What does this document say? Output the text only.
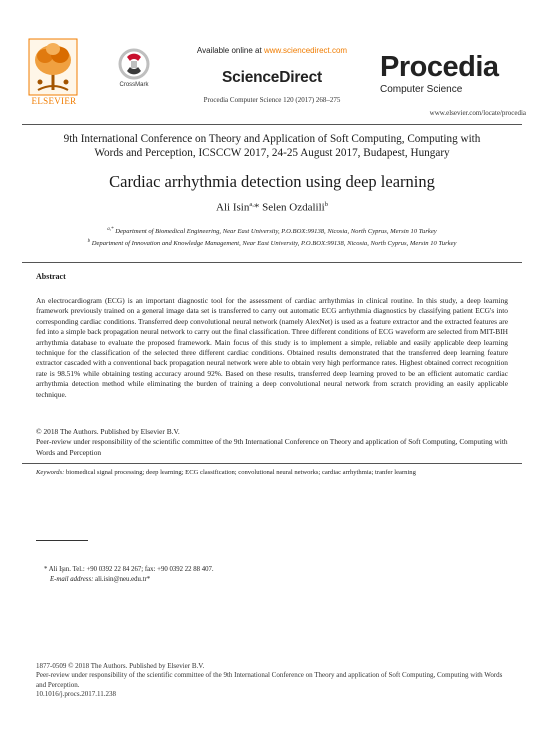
ELSEVIER
CrossMark
Available online at www.sciencedirect.com
ScienceDirect
Procedia Computer Science 120 (2017) 268–275
Procedia
Computer Science
www.elsevier.com/locate/procedia
9th International Conference on Theory and Application of Soft Computing, Computing with
Words and Perception, ICSCCW 2017, 24-25 August 2017, Budapest, Hungary
Cardiac arrhythmia detection using deep learning
Ali Isin$^{a,}$* Selen Ozdalili$^b$
$^{a,*}$ Department of Biomedical Engineering, Near East University, P.O.BOX:99138, Nicosia, North Cyprus, Mersin 10 Turkey
$^b$ Department of Innovation and Knowledge Management, Near East University, P.O.BOX:99138, Nicosia, North Cyprus, Mersin 10 Turkey
Abstract
An electrocardiogram (ECG) is an important diagnostic tool for the assessment of cardiac arrhythmias in clinical routine. In this study, a deep learning framework previously trained on a general image data set is transferred to carry out automatic ECG arrhythmia diagnostics by classifying patient ECG's into corresponding cardiac conditions. Transferred deep convolutional neural network (namely AlexNet) is used as a feature extractor and the extracted features are fed into a simple back propagation neural network to carry out the final classification. Three different conditions of ECG waveform are selected from MIT-BIH arrhythmia database to evaluate the proposed framework. Main focus of this study is to implement a simple, reliable and easily applicable deep learning technique for the classification of the selected three different cardiac conditions. Obtained results demonstrated that the transferred deep learning feature extractor cascaded with a conventional back propagation neural network were able to obtain very high performance rates. Highest obtained correct recognition rate is 98.51% while obtaining testing accuracy around 92%. Based on these results, transferred deep learning proved to be an efficient automatic cardiac arrhythmia detection method while eliminating the burden of training a deep convolutional neural network from scratch providing an easily applicable technique.
© 2018 The Authors. Published by Elsevier B.V.
Peer-review under responsibility of the scientific committee of the 9th International Conference on Theory and application of Soft Computing, Computing with Words and Perception
Keywords: biomedical signal processing; deep learning; ECG classification; convolutional neural networks; cardiac arrhythmia; tranfer learning
* Ali Işın. Tel.: +90 0392 22 84 267; fax: +90 0392 22 88 407.
E-mail address: ali.isin@neu.edu.tr*
1877-0509 © 2018 The Authors. Published by Elsevier B.V.
Peer-review under responsibility of the scientific committee of the 9th International Conference on Theory and application of Soft Computing, Computing with Words and Perception.
10.1016/j.procs.2017.11.238
